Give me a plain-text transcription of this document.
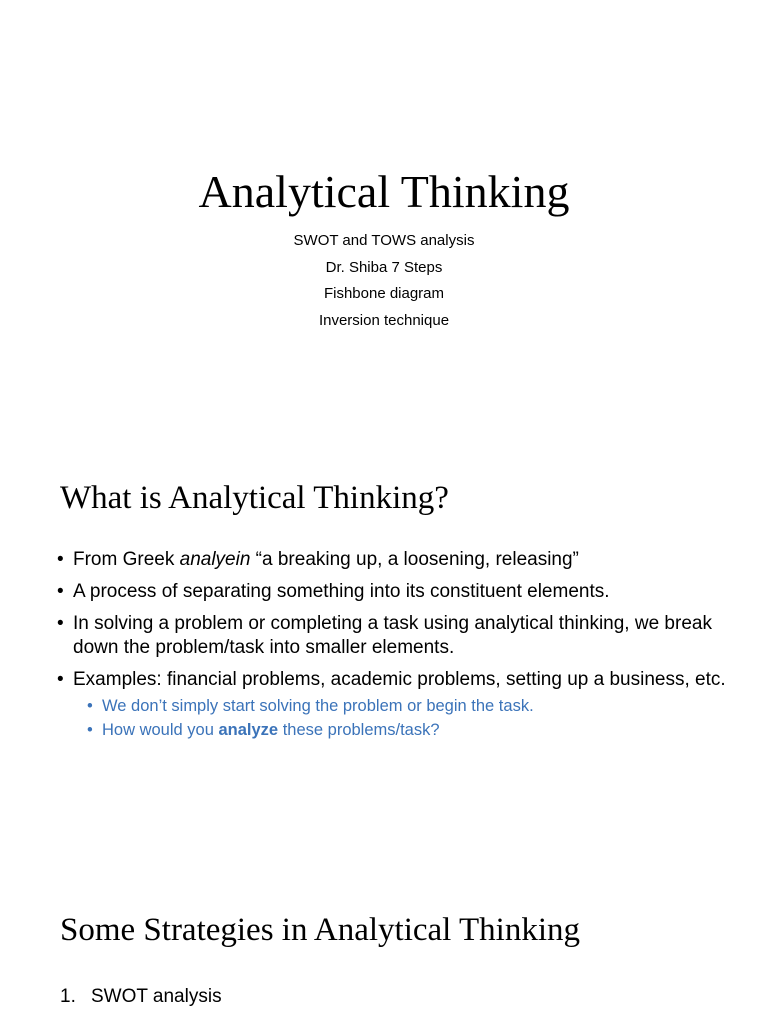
Analytical Thinking
SWOT and TOWS analysis
Dr. Shiba 7 Steps
Fishbone diagram
Inversion technique
What is Analytical Thinking?
• From Greek analyein “a breaking up, a loosening, releasing”
• A process of separating something into its constituent elements.
• In solving a problem or completing a task using analytical thinking, we break down the problem/task into smaller elements.
• Examples: financial problems, academic problems, setting up a business, etc.
• We don’t simply start solving the problem or begin the task.
• How would you analyze these problems/task?
Some Strategies in Analytical Thinking
1. SWOT analysis
